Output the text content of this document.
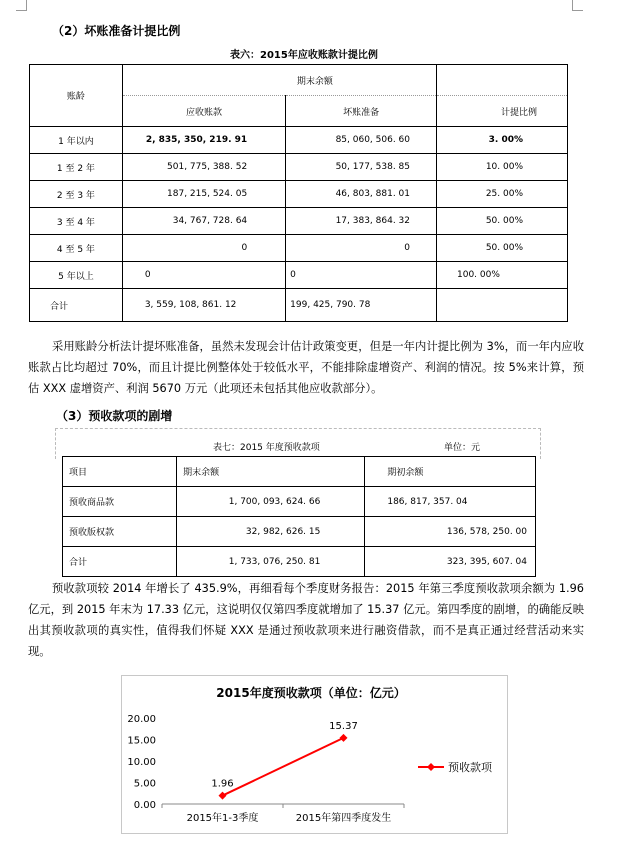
（2）坏账准备计提比例
表六：2015年应收账款计提比例
账龄	期末余额		
	应收账款	坏账准备	计提比例
1 年以内	2, 835, 350, 219. 91	85, 060, 506. 60	3. 00%
1 至 2 年	501, 775, 388. 52	50, 177, 538. 85	10. 00%
2 至 3 年	187, 215, 524. 05	46, 803, 881. 01	25. 00%
3 至 4 年	34, 767, 728. 64	17, 383, 864. 32	50. 00%
4 至 5 年	0	0	50. 00%
5 年以上	0	0	100. 00%
合计	3, 559, 108, 861. 12	199, 425, 790. 78	

采用账龄分析法计提坏账准备，虽然未发现会计估计政策变更，但是一年内计提比例为 3%，而一年内应收账款占比均超过 70%，而且计提比例整体处于较低水平，不能排除虚增资产、利润的情况。按 5%来计算，预估 XXX 虚增资产、利润 5670 万元（此项还未包括其他应收款部分）。

（3）预收款项的剧增
表七：2015 年度预收款项	单位：元
项目	期末余额	期初余额
预收商品款	1, 700, 093, 624. 66	186, 817, 357. 04
预收版权款	32, 982, 626. 15	136, 578, 250. 00
合计	1, 733, 076, 250. 81	323, 395, 607. 04

预收款项较 2014 年增长了 435.9%，再细看每个季度财务报告：2015 年第三季度预收款项余额为 1.96 亿元，到 2015 年末为 17.33 亿元，这说明仅仅第四季度就增加了 15.37 亿元。第四季度的剧增，的确能反映出其预收款项的真实性，值得我们怀疑 XXX 是通过预收款项来进行融资借款，而不是真正通过经营活动来实现。

2015年度预收款项（单位：亿元）
20.00
15.00
10.00
5.00
0.00
2015年1-3季度	2015年第四季度发生
1.96
15.37
预收款项
